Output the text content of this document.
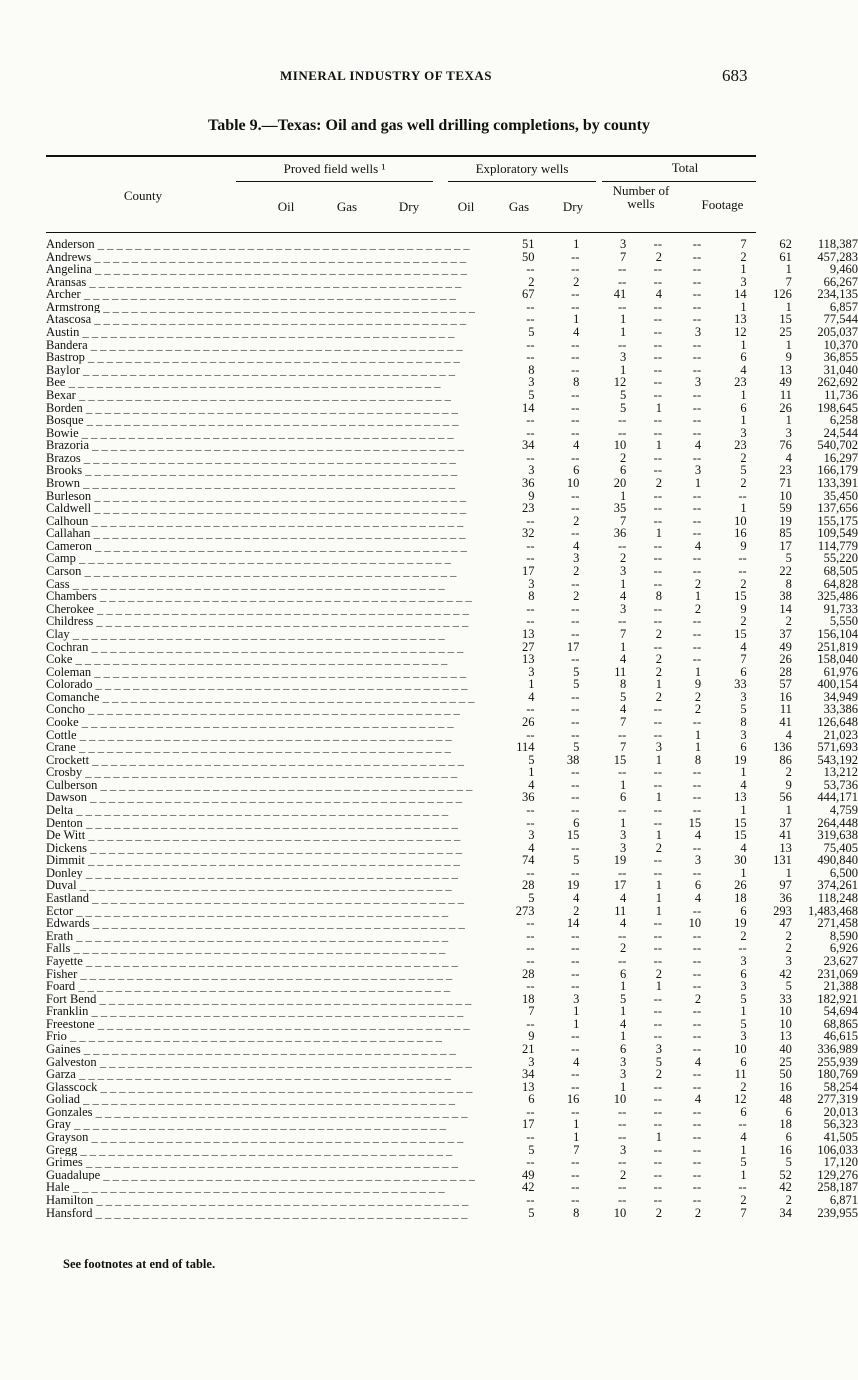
MINERAL INDUSTRY OF TEXAS	683
Table 9.—Texas: Oil and gas well drilling completions, by county
County
Proved field wells ¹	Exploratory wells	Total
Oil	Gas	Dry	Oil	Gas	Dry
Number of wells	Footage
Anderson _ _ _ _ _ _ _ _ _ _ _ _ _ _ _ _ _ _ _ _ _ _ _ _ _ _ _ _ _ _ _ _ _ _ _ _ _ _ _ _	51	1	3	--	--	7	62	118,387
Andrews _ _ _ _ _ _ _ _ _ _ _ _ _ _ _ _ _ _ _ _ _ _ _ _ _ _ _ _ _ _ _ _ _ _ _ _ _ _ _ _	50	--	7	2	--	2	61	457,283
Angelina _ _ _ _ _ _ _ _ _ _ _ _ _ _ _ _ _ _ _ _ _ _ _ _ _ _ _ _ _ _ _ _ _ _ _ _ _ _ _ _	--	--	--	--	--	1	1	9,460
Aransas _ _ _ _ _ _ _ _ _ _ _ _ _ _ _ _ _ _ _ _ _ _ _ _ _ _ _ _ _ _ _ _ _ _ _ _ _ _ _ _	2	2	--	--	--	3	7	66,267
Archer _ _ _ _ _ _ _ _ _ _ _ _ _ _ _ _ _ _ _ _ _ _ _ _ _ _ _ _ _ _ _ _ _ _ _ _ _ _ _ _	67	--	41	4	--	14	126	234,135
Armstrong _ _ _ _ _ _ _ _ _ _ _ _ _ _ _ _ _ _ _ _ _ _ _ _ _ _ _ _ _ _ _ _ _ _ _ _ _ _ _ _	--	--	--	--	--	1	1	6,857
Atascosa _ _ _ _ _ _ _ _ _ _ _ _ _ _ _ _ _ _ _ _ _ _ _ _ _ _ _ _ _ _ _ _ _ _ _ _ _ _ _ _	--	1	1	--	--	13	15	77,544
Austin _ _ _ _ _ _ _ _ _ _ _ _ _ _ _ _ _ _ _ _ _ _ _ _ _ _ _ _ _ _ _ _ _ _ _ _ _ _ _ _	5	4	1	--	3	12	25	205,037
Bandera _ _ _ _ _ _ _ _ _ _ _ _ _ _ _ _ _ _ _ _ _ _ _ _ _ _ _ _ _ _ _ _ _ _ _ _ _ _ _ _	--	--	--	--	--	1	1	10,370
Bastrop _ _ _ _ _ _ _ _ _ _ _ _ _ _ _ _ _ _ _ _ _ _ _ _ _ _ _ _ _ _ _ _ _ _ _ _ _ _ _ _	--	--	3	--	--	6	9	36,855
Baylor _ _ _ _ _ _ _ _ _ _ _ _ _ _ _ _ _ _ _ _ _ _ _ _ _ _ _ _ _ _ _ _ _ _ _ _ _ _ _ _	8	--	1	--	--	4	13	31,040
Bee _ _ _ _ _ _ _ _ _ _ _ _ _ _ _ _ _ _ _ _ _ _ _ _ _ _ _ _ _ _ _ _ _ _ _ _ _ _ _ _	3	8	12	--	3	23	49	262,692
Bexar _ _ _ _ _ _ _ _ _ _ _ _ _ _ _ _ _ _ _ _ _ _ _ _ _ _ _ _ _ _ _ _ _ _ _ _ _ _ _ _	5	--	5	--	--	1	11	11,736
Borden _ _ _ _ _ _ _ _ _ _ _ _ _ _ _ _ _ _ _ _ _ _ _ _ _ _ _ _ _ _ _ _ _ _ _ _ _ _ _ _	14	--	5	1	--	6	26	198,645
Bosque _ _ _ _ _ _ _ _ _ _ _ _ _ _ _ _ _ _ _ _ _ _ _ _ _ _ _ _ _ _ _ _ _ _ _ _ _ _ _ _	--	--	--	--	--	1	1	6,258
Bowie _ _ _ _ _ _ _ _ _ _ _ _ _ _ _ _ _ _ _ _ _ _ _ _ _ _ _ _ _ _ _ _ _ _ _ _ _ _ _ _	--	--	--	--	--	3	3	24,544
Brazoria _ _ _ _ _ _ _ _ _ _ _ _ _ _ _ _ _ _ _ _ _ _ _ _ _ _ _ _ _ _ _ _ _ _ _ _ _ _ _ _	34	4	10	1	4	23	76	540,702
Brazos _ _ _ _ _ _ _ _ _ _ _ _ _ _ _ _ _ _ _ _ _ _ _ _ _ _ _ _ _ _ _ _ _ _ _ _ _ _ _ _	--	--	2	--	--	2	4	16,297
Brooks _ _ _ _ _ _ _ _ _ _ _ _ _ _ _ _ _ _ _ _ _ _ _ _ _ _ _ _ _ _ _ _ _ _ _ _ _ _ _ _	3	6	6	--	3	5	23	166,179
Brown _ _ _ _ _ _ _ _ _ _ _ _ _ _ _ _ _ _ _ _ _ _ _ _ _ _ _ _ _ _ _ _ _ _ _ _ _ _ _ _	36	10	20	2	1	2	71	133,391
Burleson _ _ _ _ _ _ _ _ _ _ _ _ _ _ _ _ _ _ _ _ _ _ _ _ _ _ _ _ _ _ _ _ _ _ _ _ _ _ _ _	9	--	1	--	--	--	10	35,450
Caldwell _ _ _ _ _ _ _ _ _ _ _ _ _ _ _ _ _ _ _ _ _ _ _ _ _ _ _ _ _ _ _ _ _ _ _ _ _ _ _ _	23	--	35	--	--	1	59	137,656
Calhoun _ _ _ _ _ _ _ _ _ _ _ _ _ _ _ _ _ _ _ _ _ _ _ _ _ _ _ _ _ _ _ _ _ _ _ _ _ _ _ _	--	2	7	--	--	10	19	155,175
Callahan _ _ _ _ _ _ _ _ _ _ _ _ _ _ _ _ _ _ _ _ _ _ _ _ _ _ _ _ _ _ _ _ _ _ _ _ _ _ _ _	32	--	36	1	--	16	85	109,549
Cameron _ _ _ _ _ _ _ _ _ _ _ _ _ _ _ _ _ _ _ _ _ _ _ _ _ _ _ _ _ _ _ _ _ _ _ _ _ _ _ _	--	4	--	--	4	9	17	114,779
Camp _ _ _ _ _ _ _ _ _ _ _ _ _ _ _ _ _ _ _ _ _ _ _ _ _ _ _ _ _ _ _ _ _ _ _ _ _ _ _ _	--	3	2	--	--	--	5	55,220
Carson _ _ _ _ _ _ _ _ _ _ _ _ _ _ _ _ _ _ _ _ _ _ _ _ _ _ _ _ _ _ _ _ _ _ _ _ _ _ _ _	17	2	3	--	--	--	22	68,505
Cass _ _ _ _ _ _ _ _ _ _ _ _ _ _ _ _ _ _ _ _ _ _ _ _ _ _ _ _ _ _ _ _ _ _ _ _ _ _ _ _	3	--	1	--	2	2	8	64,828
Chambers _ _ _ _ _ _ _ _ _ _ _ _ _ _ _ _ _ _ _ _ _ _ _ _ _ _ _ _ _ _ _ _ _ _ _ _ _ _ _ _	8	2	4	8	1	15	38	325,486
Cherokee _ _ _ _ _ _ _ _ _ _ _ _ _ _ _ _ _ _ _ _ _ _ _ _ _ _ _ _ _ _ _ _ _ _ _ _ _ _ _ _	--	--	3	--	2	9	14	91,733
Childress _ _ _ _ _ _ _ _ _ _ _ _ _ _ _ _ _ _ _ _ _ _ _ _ _ _ _ _ _ _ _ _ _ _ _ _ _ _ _ _	--	--	--	--	--	2	2	5,550
Clay _ _ _ _ _ _ _ _ _ _ _ _ _ _ _ _ _ _ _ _ _ _ _ _ _ _ _ _ _ _ _ _ _ _ _ _ _ _ _ _	13	--	7	2	--	15	37	156,104
Cochran _ _ _ _ _ _ _ _ _ _ _ _ _ _ _ _ _ _ _ _ _ _ _ _ _ _ _ _ _ _ _ _ _ _ _ _ _ _ _ _	27	17	1	--	--	4	49	251,819
Coke _ _ _ _ _ _ _ _ _ _ _ _ _ _ _ _ _ _ _ _ _ _ _ _ _ _ _ _ _ _ _ _ _ _ _ _ _ _ _ _	13	--	4	2	--	7	26	158,040
Coleman _ _ _ _ _ _ _ _ _ _ _ _ _ _ _ _ _ _ _ _ _ _ _ _ _ _ _ _ _ _ _ _ _ _ _ _ _ _ _ _	3	5	11	2	1	6	28	61,976
Colorado _ _ _ _ _ _ _ _ _ _ _ _ _ _ _ _ _ _ _ _ _ _ _ _ _ _ _ _ _ _ _ _ _ _ _ _ _ _ _ _	1	5	8	1	9	33	57	400,154
Comanche _ _ _ _ _ _ _ _ _ _ _ _ _ _ _ _ _ _ _ _ _ _ _ _ _ _ _ _ _ _ _ _ _ _ _ _ _ _ _ _	4	--	5	2	2	3	16	34,949
Concho _ _ _ _ _ _ _ _ _ _ _ _ _ _ _ _ _ _ _ _ _ _ _ _ _ _ _ _ _ _ _ _ _ _ _ _ _ _ _ _	--	--	4	--	2	5	11	33,386
Cooke _ _ _ _ _ _ _ _ _ _ _ _ _ _ _ _ _ _ _ _ _ _ _ _ _ _ _ _ _ _ _ _ _ _ _ _ _ _ _ _	26	--	7	--	--	8	41	126,648
Cottle _ _ _ _ _ _ _ _ _ _ _ _ _ _ _ _ _ _ _ _ _ _ _ _ _ _ _ _ _ _ _ _ _ _ _ _ _ _ _ _	--	--	--	--	1	3	4	21,023
Crane _ _ _ _ _ _ _ _ _ _ _ _ _ _ _ _ _ _ _ _ _ _ _ _ _ _ _ _ _ _ _ _ _ _ _ _ _ _ _ _	114	5	7	3	1	6	136	571,693
Crockett _ _ _ _ _ _ _ _ _ _ _ _ _ _ _ _ _ _ _ _ _ _ _ _ _ _ _ _ _ _ _ _ _ _ _ _ _ _ _ _	5	38	15	1	8	19	86	543,192
Crosby _ _ _ _ _ _ _ _ _ _ _ _ _ _ _ _ _ _ _ _ _ _ _ _ _ _ _ _ _ _ _ _ _ _ _ _ _ _ _ _	1	--	--	--	--	1	2	13,212
Culberson _ _ _ _ _ _ _ _ _ _ _ _ _ _ _ _ _ _ _ _ _ _ _ _ _ _ _ _ _ _ _ _ _ _ _ _ _ _ _ _	4	--	1	--	--	4	9	53,736
Dawson _ _ _ _ _ _ _ _ _ _ _ _ _ _ _ _ _ _ _ _ _ _ _ _ _ _ _ _ _ _ _ _ _ _ _ _ _ _ _ _	36	--	6	1	--	13	56	444,171
Delta _ _ _ _ _ _ _ _ _ _ _ _ _ _ _ _ _ _ _ _ _ _ _ _ _ _ _ _ _ _ _ _ _ _ _ _ _ _ _ _	--	--	--	--	--	1	1	4,759
Denton _ _ _ _ _ _ _ _ _ _ _ _ _ _ _ _ _ _ _ _ _ _ _ _ _ _ _ _ _ _ _ _ _ _ _ _ _ _ _ _	--	6	1	--	15	15	37	264,448
De Witt _ _ _ _ _ _ _ _ _ _ _ _ _ _ _ _ _ _ _ _ _ _ _ _ _ _ _ _ _ _ _ _ _ _ _ _ _ _ _ _	3	15	3	1	4	15	41	319,638
Dickens _ _ _ _ _ _ _ _ _ _ _ _ _ _ _ _ _ _ _ _ _ _ _ _ _ _ _ _ _ _ _ _ _ _ _ _ _ _ _ _	4	--	3	2	--	4	13	75,405
Dimmit _ _ _ _ _ _ _ _ _ _ _ _ _ _ _ _ _ _ _ _ _ _ _ _ _ _ _ _ _ _ _ _ _ _ _ _ _ _ _ _	74	5	19	--	3	30	131	490,840
Donley _ _ _ _ _ _ _ _ _ _ _ _ _ _ _ _ _ _ _ _ _ _ _ _ _ _ _ _ _ _ _ _ _ _ _ _ _ _ _ _	--	--	--	--	--	1	1	6,500
Duval _ _ _ _ _ _ _ _ _ _ _ _ _ _ _ _ _ _ _ _ _ _ _ _ _ _ _ _ _ _ _ _ _ _ _ _ _ _ _ _	28	19	17	1	6	26	97	374,261
Eastland _ _ _ _ _ _ _ _ _ _ _ _ _ _ _ _ _ _ _ _ _ _ _ _ _ _ _ _ _ _ _ _ _ _ _ _ _ _ _ _	5	4	4	1	4	18	36	118,248
Ector _ _ _ _ _ _ _ _ _ _ _ _ _ _ _ _ _ _ _ _ _ _ _ _ _ _ _ _ _ _ _ _ _ _ _ _ _ _ _ _	273	2	11	1	--	6	293	1,483,468
Edwards _ _ _ _ _ _ _ _ _ _ _ _ _ _ _ _ _ _ _ _ _ _ _ _ _ _ _ _ _ _ _ _ _ _ _ _ _ _ _ _	--	14	4	--	10	19	47	271,458
Erath _ _ _ _ _ _ _ _ _ _ _ _ _ _ _ _ _ _ _ _ _ _ _ _ _ _ _ _ _ _ _ _ _ _ _ _ _ _ _ _	--	--	--	--	--	2	2	8,590
Falls _ _ _ _ _ _ _ _ _ _ _ _ _ _ _ _ _ _ _ _ _ _ _ _ _ _ _ _ _ _ _ _ _ _ _ _ _ _ _ _	--	--	2	--	--	--	2	6,926
Fayette _ _ _ _ _ _ _ _ _ _ _ _ _ _ _ _ _ _ _ _ _ _ _ _ _ _ _ _ _ _ _ _ _ _ _ _ _ _ _ _	--	--	--	--	--	3	3	23,627
Fisher _ _ _ _ _ _ _ _ _ _ _ _ _ _ _ _ _ _ _ _ _ _ _ _ _ _ _ _ _ _ _ _ _ _ _ _ _ _ _ _	28	--	6	2	--	6	42	231,069
Foard _ _ _ _ _ _ _ _ _ _ _ _ _ _ _ _ _ _ _ _ _ _ _ _ _ _ _ _ _ _ _ _ _ _ _ _ _ _ _ _	--	--	1	1	--	3	5	21,388
Fort Bend _ _ _ _ _ _ _ _ _ _ _ _ _ _ _ _ _ _ _ _ _ _ _ _ _ _ _ _ _ _ _ _ _ _ _ _ _ _ _ _	18	3	5	--	2	5	33	182,921
Franklin _ _ _ _ _ _ _ _ _ _ _ _ _ _ _ _ _ _ _ _ _ _ _ _ _ _ _ _ _ _ _ _ _ _ _ _ _ _ _ _	7	1	1	--	--	1	10	54,694
Freestone _ _ _ _ _ _ _ _ _ _ _ _ _ _ _ _ _ _ _ _ _ _ _ _ _ _ _ _ _ _ _ _ _ _ _ _ _ _ _ _	--	1	4	--	--	5	10	68,865
Frio _ _ _ _ _ _ _ _ _ _ _ _ _ _ _ _ _ _ _ _ _ _ _ _ _ _ _ _ _ _ _ _ _ _ _ _ _ _ _ _	9	--	1	--	--	3	13	46,615
Gaines _ _ _ _ _ _ _ _ _ _ _ _ _ _ _ _ _ _ _ _ _ _ _ _ _ _ _ _ _ _ _ _ _ _ _ _ _ _ _ _	21	--	6	3	--	10	40	336,989
Galveston _ _ _ _ _ _ _ _ _ _ _ _ _ _ _ _ _ _ _ _ _ _ _ _ _ _ _ _ _ _ _ _ _ _ _ _ _ _ _ _	3	4	3	5	4	6	25	255,939
Garza _ _ _ _ _ _ _ _ _ _ _ _ _ _ _ _ _ _ _ _ _ _ _ _ _ _ _ _ _ _ _ _ _ _ _ _ _ _ _ _	34	--	3	2	--	11	50	180,769
Glasscock _ _ _ _ _ _ _ _ _ _ _ _ _ _ _ _ _ _ _ _ _ _ _ _ _ _ _ _ _ _ _ _ _ _ _ _ _ _ _ _	13	--	1	--	--	2	16	58,254
Goliad _ _ _ _ _ _ _ _ _ _ _ _ _ _ _ _ _ _ _ _ _ _ _ _ _ _ _ _ _ _ _ _ _ _ _ _ _ _ _ _	6	16	10	--	4	12	48	277,319
Gonzales _ _ _ _ _ _ _ _ _ _ _ _ _ _ _ _ _ _ _ _ _ _ _ _ _ _ _ _ _ _ _ _ _ _ _ _ _ _ _ _	--	--	--	--	--	6	6	20,013
Gray _ _ _ _ _ _ _ _ _ _ _ _ _ _ _ _ _ _ _ _ _ _ _ _ _ _ _ _ _ _ _ _ _ _ _ _ _ _ _ _	17	1	--	--	--	--	18	56,323
Grayson _ _ _ _ _ _ _ _ _ _ _ _ _ _ _ _ _ _ _ _ _ _ _ _ _ _ _ _ _ _ _ _ _ _ _ _ _ _ _ _	--	1	--	1	--	4	6	41,505
Gregg _ _ _ _ _ _ _ _ _ _ _ _ _ _ _ _ _ _ _ _ _ _ _ _ _ _ _ _ _ _ _ _ _ _ _ _ _ _ _ _	5	7	3	--	--	1	16	106,033
Grimes _ _ _ _ _ _ _ _ _ _ _ _ _ _ _ _ _ _ _ _ _ _ _ _ _ _ _ _ _ _ _ _ _ _ _ _ _ _ _ _	--	--	--	--	--	5	5	17,120
Guadalupe _ _ _ _ _ _ _ _ _ _ _ _ _ _ _ _ _ _ _ _ _ _ _ _ _ _ _ _ _ _ _ _ _ _ _ _ _ _ _ _	49	--	2	--	--	1	52	129,276
Hale _ _ _ _ _ _ _ _ _ _ _ _ _ _ _ _ _ _ _ _ _ _ _ _ _ _ _ _ _ _ _ _ _ _ _ _ _ _ _ _	42	--	--	--	--	--	42	258,187
Hamilton _ _ _ _ _ _ _ _ _ _ _ _ _ _ _ _ _ _ _ _ _ _ _ _ _ _ _ _ _ _ _ _ _ _ _ _ _ _ _ _	--	--	--	--	--	2	2	6,871
Hansford _ _ _ _ _ _ _ _ _ _ _ _ _ _ _ _ _ _ _ _ _ _ _ _ _ _ _ _ _ _ _ _ _ _ _ _ _ _ _ _	5	8	10	2	2	7	34	239,955
See footnotes at end of table.
